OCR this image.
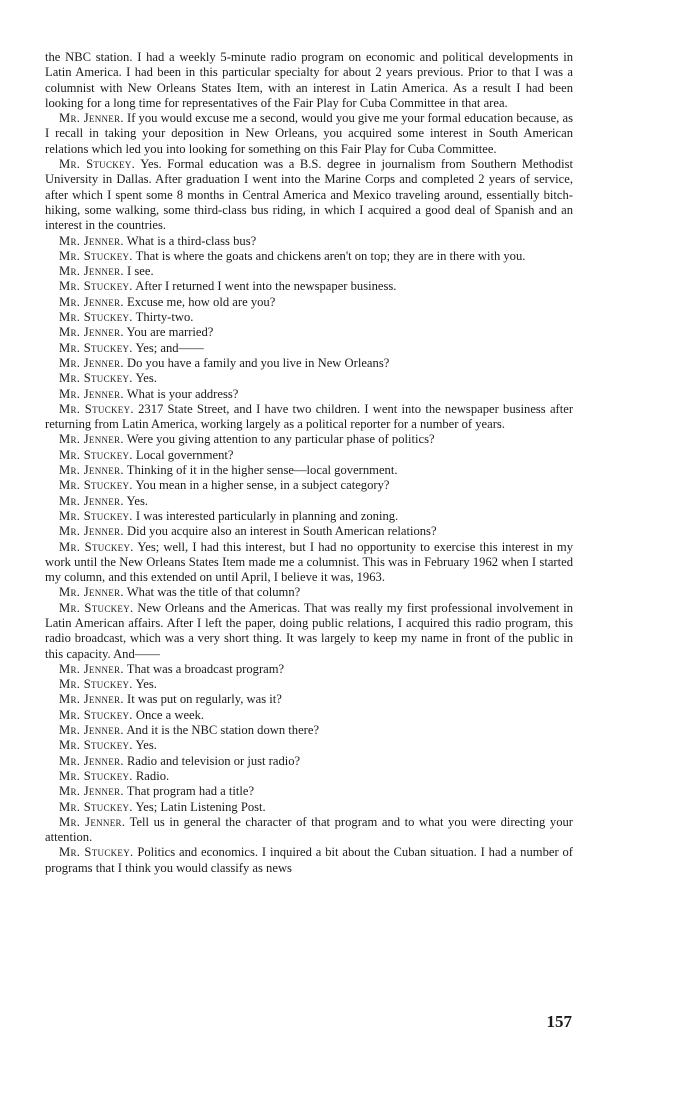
the NBC station. I had a weekly 5-minute radio program on economic and political developments in Latin America. I had been in this particular specialty for about 2 years previous. Prior to that I was a columnist with New Orleans States Item, with an interest in Latin America. As a result I had been looking for a long time for representatives of the Fair Play for Cuba Committee in that area.

Mr. Jenner. If you would excuse me a second, would you give me your formal education because, as I recall in taking your deposition in New Orleans, you acquired some interest in South American relations which led you into looking for something on this Fair Play for Cuba Committee.

Mr. Stuckey. Yes. Formal education was a B.S. degree in journalism from Southern Methodist University in Dallas. After graduation I went into the Marine Corps and completed 2 years of service, after which I spent some 8 months in Central America and Mexico traveling around, essentially bitch-hiking, some walking, some third-class bus riding, in which I acquired a good deal of Spanish and an interest in the countries.

Mr. Jenner. What is a third-class bus?

Mr. Stuckey. That is where the goats and chickens aren't on top; they are in there with you.

Mr. Jenner. I see.

Mr. Stuckey. After I returned I went into the newspaper business.

Mr. Jenner. Excuse me, how old are you?

Mr. Stuckey. Thirty-two.

Mr. Jenner. You are married?

Mr. Stuckey. Yes; and——

Mr. Jenner. Do you have a family and you live in New Orleans?

Mr. Stuckey. Yes.

Mr. Jenner. What is your address?

Mr. Stuckey. 2317 State Street, and I have two children. I went into the newspaper business after returning from Latin America, working largely as a political reporter for a number of years.

Mr. Jenner. Were you giving attention to any particular phase of politics?

Mr. Stuckey. Local government?

Mr. Jenner. Thinking of it in the higher sense—local government.

Mr. Stuckey. You mean in a higher sense, in a subject category?

Mr. Jenner. Yes.

Mr. Stuckey. I was interested particularly in planning and zoning.

Mr. Jenner. Did you acquire also an interest in South American relations?

Mr. Stuckey. Yes; well, I had this interest, but I had no opportunity to exercise this interest in my work until the New Orleans States Item made me a columnist. This was in February 1962 when I started my column, and this extended on until April, I believe it was, 1963.

Mr. Jenner. What was the title of that column?

Mr. Stuckey. New Orleans and the Americas. That was really my first professional involvement in Latin American affairs. After I left the paper, doing public relations, I acquired this radio program, this radio broadcast, which was a very short thing. It was largely to keep my name in front of the public in this capacity. And——

Mr. Jenner. That was a broadcast program?

Mr. Stuckey. Yes.

Mr. Jenner. It was put on regularly, was it?

Mr. Stuckey. Once a week.

Mr. Jenner. And it is the NBC station down there?

Mr. Stuckey. Yes.

Mr. Jenner. Radio and television or just radio?

Mr. Stuckey. Radio.

Mr. Jenner. That program had a title?

Mr. Stuckey. Yes; Latin Listening Post.

Mr. Jenner. Tell us in general the character of that program and to what you were directing your attention.

Mr. Stuckey. Politics and economics. I inquired a bit about the Cuban situation. I had a number of programs that I think you would classify as news

157
